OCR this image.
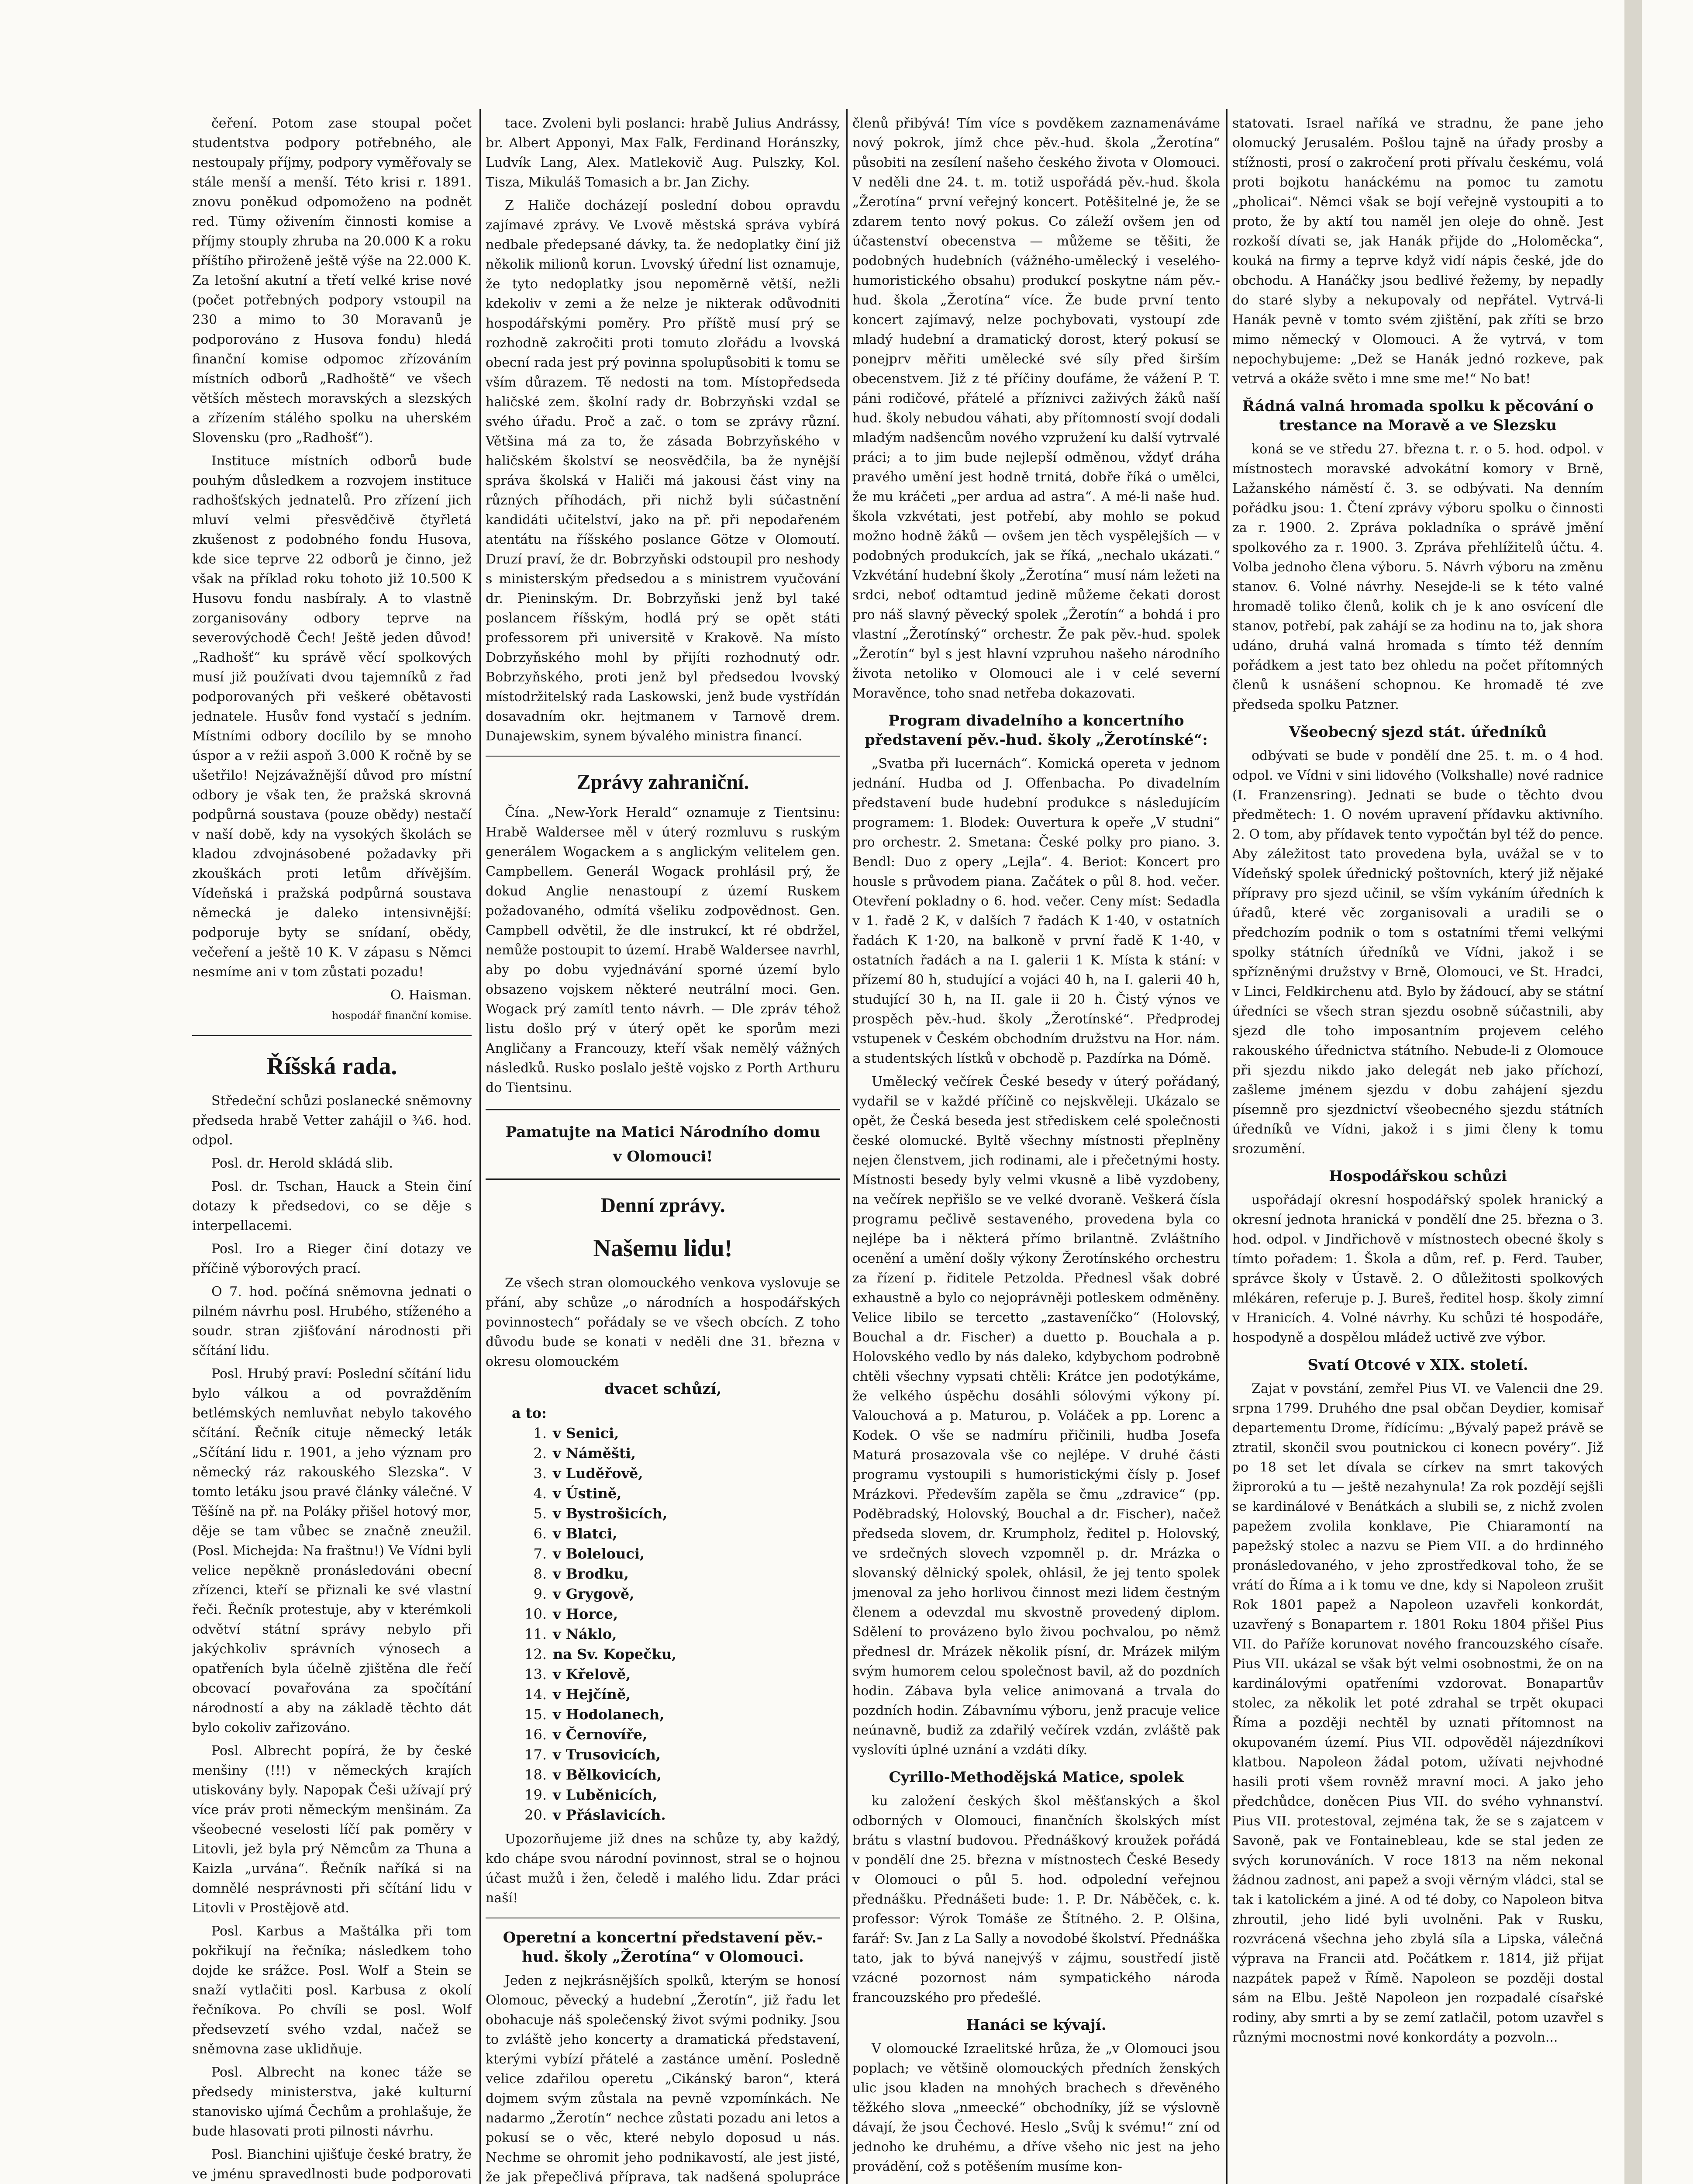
čeření. Potom zase stoupal počet studentstva podpory potřebného, ale nestoupaly příjmy, podpory vyměřovaly se stále menší a menší. Této krisi r. 1891. znovu poněkud odpomoženo na podnět red. Tümy oživením činnosti komise a příjmy stouply zhruba na 20.000 K a roku příštího přiroženě ještě výše na 22.000 K. Za letošní akutní a třetí velké krise nové (počet potřebných podpory vstoupil na 230 a mimo to 30 Moravanů je podporováno z Husova fondu) hledá finanční komise odpomoc zřízováním místních odborů „Radhoště“ ve všech větších městech moravských a slezských a zřízením stálého spolku na uherském Slovensku (pro „Radhošť“).

Instituce místních odborů bude pouhým důsledkem a rozvojem instituce radhošťských jednatelů. Pro zřízení jich mluví velmi přesvědčivě čtyřletá zkušenost z podobného fondu Husova, kde sice teprve 22 odborů je činno, jež však na příklad roku tohoto již 10.500 K Husovu fondu nasbíraly. A to vlastně zorganisovány odbory teprve na severovýchodě Čech! Ještě jeden důvod! „Radhošť“ ku správě věcí spolkových musí již používati dvou tajemníků z řad podporovaných při veškeré obětavosti jednatele. Husův fond vystačí s jedním. Místními odbory docílilo by se mnoho úspor a v režii aspoň 3.000 K ročně by se ušetřilo! Nejzávažnější důvod pro místní odbory je však ten, že pražská skrovná podpůrná soustava (pouze obědy) nestačí v naší době, kdy na vysokých školách se kladou zdvojnásobené požadavky při zkouškách proti letům dřívějším. Vídeňská i pražská podpůrná soustava německá je daleko intensivnější: podporuje byty se snídaní, obědy, večeření a ještě 10 K. V zápasu s Němci nesmíme ani v tom zůstati pozadu!

O. Haisman.

hospodář finanční komise.

Říšská rada.

Středeční schůzi poslanecké sněmovny předseda hrabě Vetter zahájil o ¾6. hod. odpol.

Posl. dr. Herold skládá slib.

Posl. dr. Tschan, Hauck a Stein činí dotazy k předsedovi, co se děje s interpellacemi.

Posl. Iro a Rieger činí dotazy ve příčině výborových prací.

O 7. hod. počíná sněmovna jednati o pilném návrhu posl. Hrubého, stíženého a soudr. stran zjišťování národnosti při sčítání lidu.

Posl. Hrubý praví: Poslední sčítání lidu bylo válkou a od povražděním betlémských nemluvňat nebylo takového sčítání. Řečník cituje německý leták „Sčítání lidu r. 1901, a jeho význam pro německý ráz rakouského Slezska“. V tomto letáku jsou pravé články válečné. V Těšíně na př. na Poláky přišel hotový mor, děje se tam vůbec se značně zneužil. (Posl. Michejda: Na fraštnu!) Ve Vídni byli velice nepěkně pronásledováni obecní zřízenci, kteří se přiznali ke své vlastní řeči. Řečník protestuje, aby v kterémkoli odvětví státní správy nebylo při jakýchkoliv správních výnosech a opatřeních byla účelně zjištěna dle řečí obcovací povařována za spočítání národností a aby na základě těchto dát bylo cokoliv zařizováno.

Posl. Albrecht popírá, že by české menšiny (!!!) v německých krajích utiskovány byly. Napopak Češi užívají prý více práv proti německým menšinám. Za všeobecné veselosti líčí pak poměry v Litovli, jež byla prý Němcům za Thuna a Kaizla „urvána“. Řečník naříká si na domnělé nesprávnosti při sčítání lidu v Litovli v Prostějově atd.

Posl. Karbus a Maštálka při tom pokřikují na řečníka; následkem toho dojde ke srážce. Posl. Wolf a Stein se snaží vytlačiti posl. Karbusa z okolí řečníkova. Po chvíli se posl. Wolf předsevzetí svého vzdal, načež se sněmovna zase uklidňuje.

Posl. Albrecht na konec táže se předsedy ministerstva, jaké kulturní stanovisko ujímá Čechům a prohlašuje, že bude hlasovati proti pilnosti návrhu.

Posl. Bianchini ujišťuje české bratry, že ve jménu spravedlnosti bude podporovati

tace. Zvoleni byli poslanci: hrabě Julius Andrássy, br. Albert Apponyi, Max Falk, Ferdinand Horánszky, Ludvík Lang, Alex. Matlekovič Aug. Pulszky, Kol. Tisza, Mikuláš Tomasich a br. Jan Zichy.

Z Haliče docházejí poslední dobou opravdu zajímavé zprávy. Ve Lvově městská správa vybírá nedbale předepsané dávky, ta. že nedoplatky činí již několik milionů korun. Lvovský úřední list oznamuje, že tyto nedoplatky jsou nepoměrně větší, nežli kdekoliv v zemi a že nelze je nikterak odůvodniti hospodářskými poměry. Pro příště musí prý se rozhodně zakročiti proti tomuto zlořádu a lvovská obecní rada jest prý povinna spolupůsobiti k tomu se vším důrazem. Tě nedosti na tom. Místopředseda haličské zem. školní rady dr. Bobrzyňski vzdal se svého úřadu. Proč a zač. o tom se zprávy různí. Většina má za to, že zásada Bobrzyňského v haličském školství se neosvědčila, ba že nynější správa školská v Haliči má jakousi část viny na různých příhodách, při nichž byli súčastnění kandidáti učitelství, jako na př. při nepodařeném atentátu na říšského poslance Götze v Olomoutí. Druzí praví, že dr. Bobrzyňski odstoupil pro neshody s ministerským předsedou a s ministrem vyučování dr. Pieninským. Dr. Bobrzyňski jenž byl také poslancem říšským, hodlá prý se opět státi professorem při universitě v Krakově. Na místo Dobrzyňského mohl by přijíti rozhodnutý odr. Bobrzyňského, proti jenž byl předsedou lvovský místodržitelský rada Laskowski, jenž bude vystřídán dosavadním okr. hejtmanem v Tarnově drem. Dunajewskim, synem bývalého ministra financí.

Zprávy zahraniční.

Čína. „New-York Herald“ oznamuje z Tientsinu: Hrabě Waldersee měl v úterý rozmluvu s ruským generálem Wogackem a s anglickým velitelem gen. Campbellem. Generál Wogack prohlásil prý, že dokud Anglie nenastoupí z území Ruskem požadovaného, odmítá všeliku zodpovědnost. Gen. Campbell odvětil, že dle instrukcí, kt ré obdržel, nemůže postoupit to území. Hrabě Waldersee navrhl, aby po dobu vyjednávání sporné území bylo obsazeno vojskem některé neutrální moci. Gen. Wogack prý zamítl tento návrh. — Dle zpráv téhož listu došlo prý v úterý opět ke sporům mezi Angličany a Francouzy, kteří však nemělý vážných následků. Rusko poslalo ještě vojsko z Porth Arthuru do Tientsinu.

Pamatujte na Matici Národního domu
v Olomouci!
Denní zprávy.
Našemu lidu!

Ze všech stran olomouckého venkova vyslovuje se přání, aby schůze „o národních a hospodářských povinnostech“ pořádaly se ve všech obcích. Z toho důvodu bude se konati v neděli dne 31. března v okresu olomouckém

dvacet schůzí,
a to:
1. v Senici,
2. v Náměšti,
3. v Luděřově,
4. v Ústině,
5. v Bystrošicích,
6. v Blatci,
7. v Bolelouci,
8. v Brodku,
9. v Grygově,
10. v Horce,
11. v Náklo,
12. na Sv. Kopečku,
13. v Křelově,
14. v Hejčíně,
15. v Hodolanech,
16. v Černovíře,
17. v Trusovicích,
18. v Bělkovicích,
19. v Luběnicích,
20. v Přáslavicích.

Upozorňujeme již dnes na schůze ty, aby každý, kdo chápe svou národní povinnost, stral se o hojnou účast mužů i žen, čeledě i malého lidu. Zdar práci naší!

Operetní a koncertní představení pěv.-hud. školy „Žerotína“ v Olomouci.

Jeden z nejkrásnějších spolků, kterým se honosí Olomouc, pěvecký a hudební „Žerotín“, již řadu let obohacuje náš společenský život svými podniky. Jsou to zvláště jeho koncerty a dramatická představení, kterými vybízí přátelé a zastánce umění. Posledně velice zdařilou operetu „Cikánský baron“, která dojmem svým zůstala na pevně vzpomínkách. Ne nadarmo „Žerotín“ nechce zůstati pozadu ani letos a pokusí se o věc, které nebylo doposud u nás. Nechme se ohromit jeho podnikavostí, ale jest jisté, že jak přepečlivá příprava, tak nadšená spolupráce

členů přibývá! Tím více s povděkem zaznamenáváme nový pokrok, jímž chce pěv.-hud. škola „Žerotína“ působiti na zesílení našeho českého života v Olomouci. V neděli dne 24. t. m. totiž uspořádá pěv.-hud. škola „Žerotína“ první veřejný koncert. Potěšitelné je, že se zdarem tento nový pokus. Co záleží ovšem jen od účastenství obecenstva — můžeme se těšiti, že podobných hudebních (vážného-umělecký i veselého-humoristického obsahu) produkcí poskytne nám pěv.-hud. škola „Žerotína“ více. Že bude první tento koncert zajímavý, nelze pochybovati, vystoupí zde mladý hudební a dramatický dorost, který pokusí se ponejprv měřiti umělecké své síly před širším obecenstvem. Již z té příčiny doufáme, že vážení P. T. páni rodičové, přátelé a příznivci zaživých žáků naší hud. školy nebudou váhati, aby přítomností svojí dodali mladým nadšencům nového vzpružení ku další vytrvalé práci; a to jim bude nejlepší odměnou, vždyť dráha pravého umění jest hodně trnitá, dobře říká o umělci, že mu kráčeti „per ardua ad astra“. A mé-li naše hud. škola vzkvétati, jest potřebí, aby mohlo se pokud možno hodně žáků — ovšem jen těch vyspělejších — v podobných produkcích, jak se říká, „nechalo ukázati.“ Vzkvétání hudební školy „Žerotína“ musí nám ležeti na srdci, neboť odtamtud jedině můžeme čekati dorost pro náš slavný pěvecký spolek „Žerotín“ a bohdá i pro vlastní „Žerotínský“ orchestr. Že pak pěv.-hud. spolek „Žerotín“ byl s jest hlavní vzpruhou našeho národního života netoliko v Olomouci ale i v celé severní Moravěnce, toho snad netřeba dokazovati.

Program divadelního a koncertního představení pěv.-hud. školy „Žerotínské“:

„Svatba při lucernách“. Komická opereta v jednom jednání. Hudba od J. Offenbacha. Po divadelním představení bude hudební produkce s následujícím programem: 1. Blodek: Ouvertura k opeře „V studni“ pro orchestr. 2. Smetana: České polky pro piano. 3. Bendl: Duo z opery „Lejla“. 4. Beriot: Koncert pro housle s průvodem piana. Začátek o půl 8. hod. večer. Otevření pokladny o 6. hod. večer. Ceny míst: Sedadla v 1. řadě 2 K, v dalších 7 řadách K 1·40, v ostatních řadách K 1·20, na balkoně v první řadě K 1·40, v ostatních řadách a na I. galerii 1 K. Místa k stání: v přízemí 80 h, studující a vojáci 40 h, na I. galerii 40 h, studující 30 h, na II. gale ii 20 h. Čistý výnos ve prospěch pěv.-hud. školy „Žerotínské“. Předprodej vstupenek v Českém obchodním družstvu na Hor. nám. a studentských lístků v obchodě p. Pazdírka na Dómě.

Umělecký večírek České besedy v úterý pořádaný, vydařil se v každé příčině co nejskvěleji. Ukázalo se opět, že Česká beseda jest střediskem celé společnosti české olomucké. Byltě všechny místnosti přeplněny nejen členstvem, jich rodinami, ale i přečetnými hosty. Místnosti besedy byly velmi vkusně a libě vyzdobeny, na večírek nepřišlo se ve velké dvoraně. Veškerá čísla programu pečlivě sestaveného, provedena byla co nejlépe ba i některá přímo brilantně. Zvláštního ocenění a umění došly výkony Žerotínského orchestru za řízení p. řiditele Petzolda. Přednesl však dobré exhaustně a bylo co nejoprávněji potleskem odměněny. Velice libilo se tercetto „zastaveníčko“ (Holovský, Bouchal a dr. Fischer) a duetto p. Bouchala a p. Holovského vedlo by nás daleko, kdybychom podrobně chtěli všechny vypsati chtěli: Krátce jen podotýkáme, že velkého úspěchu dosáhli sólovými výkony pí. Valouchová a p. Maturou, p. Voláček a pp. Lorenc a Kodek. O vše se nadmíru přičinili, hudba Josefa Maturá prosazovala vše co nejlépe. V druhé části programu vystoupili s humoristickými čísly p. Josef Mrázkovi. Především zapěla se čmu „zdravice“ (pp. Poděbradský, Holovský, Bouchal a dr. Fischer), načež předseda slovem, dr. Krumpholz, ředitel p. Holovský, ve srdečných slovech vzpomněl p. dr. Mrázka o slovanský dělnický spolek, ohlásil, že jej tento spolek jmenoval za jeho horlivou činnost mezi lidem čestným členem a odevzdal mu skvostně provedený diplom. Sdělení to provázeno bylo živou pochvalou, po němž přednesl dr. Mrázek několik písní, dr. Mrázek milým svým humorem celou společnost bavil, až do pozdních hodin. Zábava byla velice animovaná a trvala do pozdních hodin. Zábavnímu výboru, jenž pracuje velice neúnavně, budiž za zdařilý večírek vzdán, zvláště pak vyslovíti úplné uznání a vzdáti díky.

Cyrillo-Methodějská Matice, spolek

ku založení českých škol měšťanských a škol odborných v Olomouci, finančních školských míst brátu s vlastní budovou. Přednáškový kroužek pořádá v pondělí dne 25. března v místnostech České Besedy v Olomouci o půl 5. hod. odpolední veřejnou přednášku. Přednášeti bude: 1. P. Dr. Náběček, c. k. professor: Výrok Tomáše ze Štítného. 2. P. Olšina, farář: Sv. Jan z La Sally a novodobé školství. Přednáška tato, jak to bývá nanejvýš v zájmu, soustředí jistě vzácné pozornost nám sympatického národa francouzského pro předešlé.

Hanáci se kývají.

V olomoucké Izraelitské hrůza, že „v Olomouci jsou poplach; ve většině olomouckých předních ženských ulic jsou kladen na mnohých brachech s dřevěného těžkého slova „nmeecké“ obchodníky, jíž se výslovně dávají, že jsou Čechové. Heslo „Svůj k svému!“ zní od jednoho ke druhému, a dříve všeho nic jest na jeho provádění, což s potěšením musíme kon-

statovati. Israel naříká ve stradnu, že pane jeho olomucký Jerusalém. Pošlou tajně na úřady prosby a stížnosti, prosí o zakročení proti přívalu českému, volá proti bojkotu hanáckému na pomoc tu zamotu „pholicai“. Němci však se bojí veřejně vystoupiti a to proto, že by aktí tou naměl jen oleje do ohně. Jest rozkoší dívati se, jak Hanák přijde do „Holoměcka“, kouká na firmy a teprve když vidí nápis české, jde do obchodu. A Hanáčky jsou bedlivé řežemy, by nepadly do staré slyby a nekupovaly od nepřátel. Vytrvá-li Hanák pevně v tomto svém zjištění, pak zříti se brzo mimo německý v Olomouci. A že vytrvá, v tom nepochybujeme: „Dež se Hanák jednó rozkeve, pak vetrvá a okáže světo i mne sme me!“ No bat!

Řádná valná hromada spolku k pěcování o trestance na Moravě a ve Slezsku

koná se ve středu 27. března t. r. o 5. hod. odpol. v místnostech moravské advokátní komory v Brně, Lažanského náměstí č. 3. se odbývati. Na denním pořádku jsou: 1. Čtení zprávy výboru spolku o činnosti za r. 1900. 2. Zpráva pokladníka o správě jmění spolkového za r. 1900. 3. Zpráva přehlížitelů účtu. 4. Volba jednoho člena výboru. 5. Návrh výboru na změnu stanov. 6. Volné návrhy. Nesejde-li se k této valné hromadě toliko členů, kolik ch je k ano osvícení dle stanov, potřebí, pak zahájí se za hodinu na to, jak shora udáno, druhá valná hromada s tímto též denním pořádkem a jest tato bez ohledu na počet přítomných členů k usnášení schopnou. Ke hromadě té zve předseda spolku Patzner.

Všeobecný sjezd stát. úředníků

odbývati se bude v pondělí dne 25. t. m. o 4 hod. odpol. ve Vídni v sini lidového (Volkshalle) nové radnice (I. Franzensring). Jednati se bude o těchto dvou předmětech: 1. O novém upravení přídavku aktivního. 2. O tom, aby přídavek tento vypočtán byl též do pence. Aby záležitost tato provedena byla, uvážal se v to Vídeňský spolek úřednický poštovních, který již nějaké přípravy pro sjezd učinil, se vším vykáním úředních k úřadů, které věc zorganisovali a uradili se o předchozím podnik o tom s ostatními třemi velkými spolky státních úředníků ve Vídni, jakož i se spřízněnými družstvy v Brně, Olomouci, ve St. Hradci, v Linci, Feldkirchenu atd. Bylo by žádoucí, aby se státní úředníci se všech stran sjezdu osobně súčastnili, aby sjezd dle toho imposantním projevem celého rakouského úřednictva státního. Nebude-li z Olomouce při sjezdu nikdo jako delegát neb jako příchozí, zašleme jménem sjezdu v dobu zahájení sjezdu písemně pro sjezdnictví všeobecného sjezdu státních úředníků ve Vídni, jakož i s jimi členy k tomu srozumění.

Hospodářskou schůzi

uspořádají okresní hospodářský spolek hranický a okresní jednota hranická v pondělí dne 25. března o 3. hod. odpol. v Jindřichově v místnostech obecné školy s tímto pořadem: 1. Škola a dům, ref. p. Ferd. Tauber, správce školy v Ústavě. 2. O důležitosti spolkových mlékáren, referuje p. J. Bureš, ředitel hosp. školy zimní v Hranicích. 4. Volné návrhy. Ku schůzi té hospodáře, hospodyně a dospělou mládež uctivě zve výbor.

Svatí Otcové v XIX. století.

Zajat v povstání, zemřel Pius VI. ve Valencii dne 29. srpna 1799. Druhého dne psal občan Deydier, komisař departementu Drome, řídícímu: „Bývalý papež právě se ztratil, skončil svou poutnickou ci konecn povéry“. Již po 18 set let dívala se církev na smrt takových žiprorokú a tu — ještě nezahynula! Za rok pozdějí sejšli se kardinálové v Benátkách a slubili se, z nichž zvolen papežem zvolila konklave, Pie Chiaramontí na papežský stolec a nazvu se Piem VII. a do hrdinného pronásledovaného, v jeho zprostředkoval toho, že se vrátí do Říma a i k tomu ve dne, kdy si Napoleon zrušit Rok 1801 papež a Napoleon uzavřeli konkordát, uzavřený s Bonapartem r. 1801 Roku 1804 přišel Pius VII. do Paříže korunovat nového francouzského císaře. Pius VII. ukázal se však být velmi osobnostmi, že on na kardinálovými opatřeními vzdorovat. Bonapartův stolec, za několik let poté zdrahal se trpět okupaci Říma a později nechtěl by uznati přítomnost na okupovaném území. Pius VII. odpověděl nájezdníkovi klatbou. Napoleon žádal potom, užívati nejvhodné hasili proti všem rovněž mravní moci. A jako jeho předchůdce, doněcen Pius VII. do svého vyhnanství. Pius VII. protestoval, zejména tak, že se s zajatcem v Savoně, pak ve Fontainebleau, kde se stal jeden ze svých korunováních. V roce 1813 na něm nekonal žádnou zadnost, ani papež a svoji věrným vládci, stal se tak i katolickém a jiné. A od té doby, co Napoleon bitva zhroutil, jeho lidé byli uvolněni. Pak v Rusku, rozvrácená všechna jeho zbylá síla a Lipska, válečná výprava na Francii atd. Počátkem r. 1814, již přijat nazpátek papež v Římě. Napoleon se později dostal sám na Elbu. Ještě Napoleon jen rozpadalé císařské rodiny, aby smrti a by se zemí zatlačil, potom uzavřel s různými mocnostmi nové konkordáty a pozvoln...
